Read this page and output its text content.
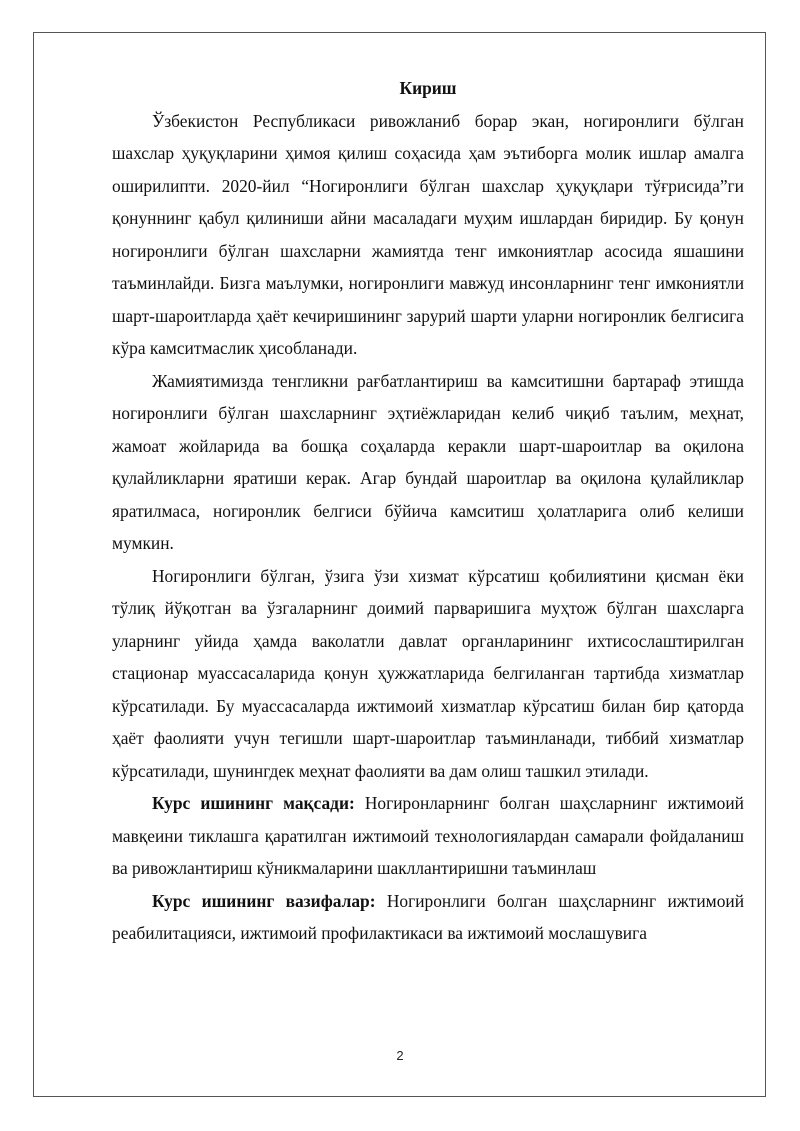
Кириш

Ўзбекистон Республикаси ривожланиб борар экан, ногиронлиги бўлган шахслар ҳуқуқларини ҳимоя қилиш соҳасида ҳам эътиборга молик ишлар амалга оширилипти. 2020-йил “Ногиронлиги бўлган шахслар ҳуқуқлари тўғрисида”ги қонуннинг қабул қилиниши айни масаладаги муҳим ишлардан биридир. Бу қонун ногиронлиги бўлган шахсларни жамиятда тенг имкониятлар асосида яшашини таъминлайди. Бизга маълумки, ногиронлиги мавжуд инсонларнинг тенг имкониятли шарт-шароитларда ҳаёт кечиришининг зарурий шарти уларни ногиронлик белгисига кўра камситмаслик ҳисобланади.

Жамиятимизда тенгликни рағбатлантириш ва камситишни бартараф этишда ногиронлиги бўлган шахсларнинг эҳтиёжларидан келиб чиқиб таълим, меҳнат, жамоат жойларида ва бошқа соҳаларда керакли шарт-шароитлар ва оқилона қулайликларни яратиши керак. Агар бундай шароитлар ва оқилона қулайликлар яратилмаса, ногиронлик белгиси бўйича камситиш ҳолатларига олиб келиши мумкин.

Ногиронлиги бўлган, ўзига ўзи хизмат кўрсатиш қобилиятини қисман ёки тўлиқ йўқотган ва ўзгаларнинг доимий парваришига муҳтож бўлган шахсларга уларнинг уйида ҳамда ваколатли давлат органларининг ихтисослаштирилган стационар муассасаларида қонун ҳужжатларида белгиланган тартибда хизматлар кўрсатилади. Бу муассасаларда ижтимоий хизматлар кўрсатиш билан бир қаторда ҳаёт фаолияти учун тегишли шарт-шароитлар таъминланади, тиббий хизматлар кўрсатилади, шунингдек меҳнат фаолияти ва дам олиш ташкил этилади.

Курс ишининг мақсади: Ногиронларнинг болган шаҳсларнинг ижтимоий мавқеини тиклашга қаратилган ижтимоий технологиялардан самарали фойдаланиш ва ривожлантириш кўникмаларини шакллантиришни таъминлаш

Курс ишининг вазифалар: Ногиронлиги болган шаҳсларнинг ижтимоий реабилитацияси, ижтимоий профилактикаси ва ижтимоий мослашувига

2
